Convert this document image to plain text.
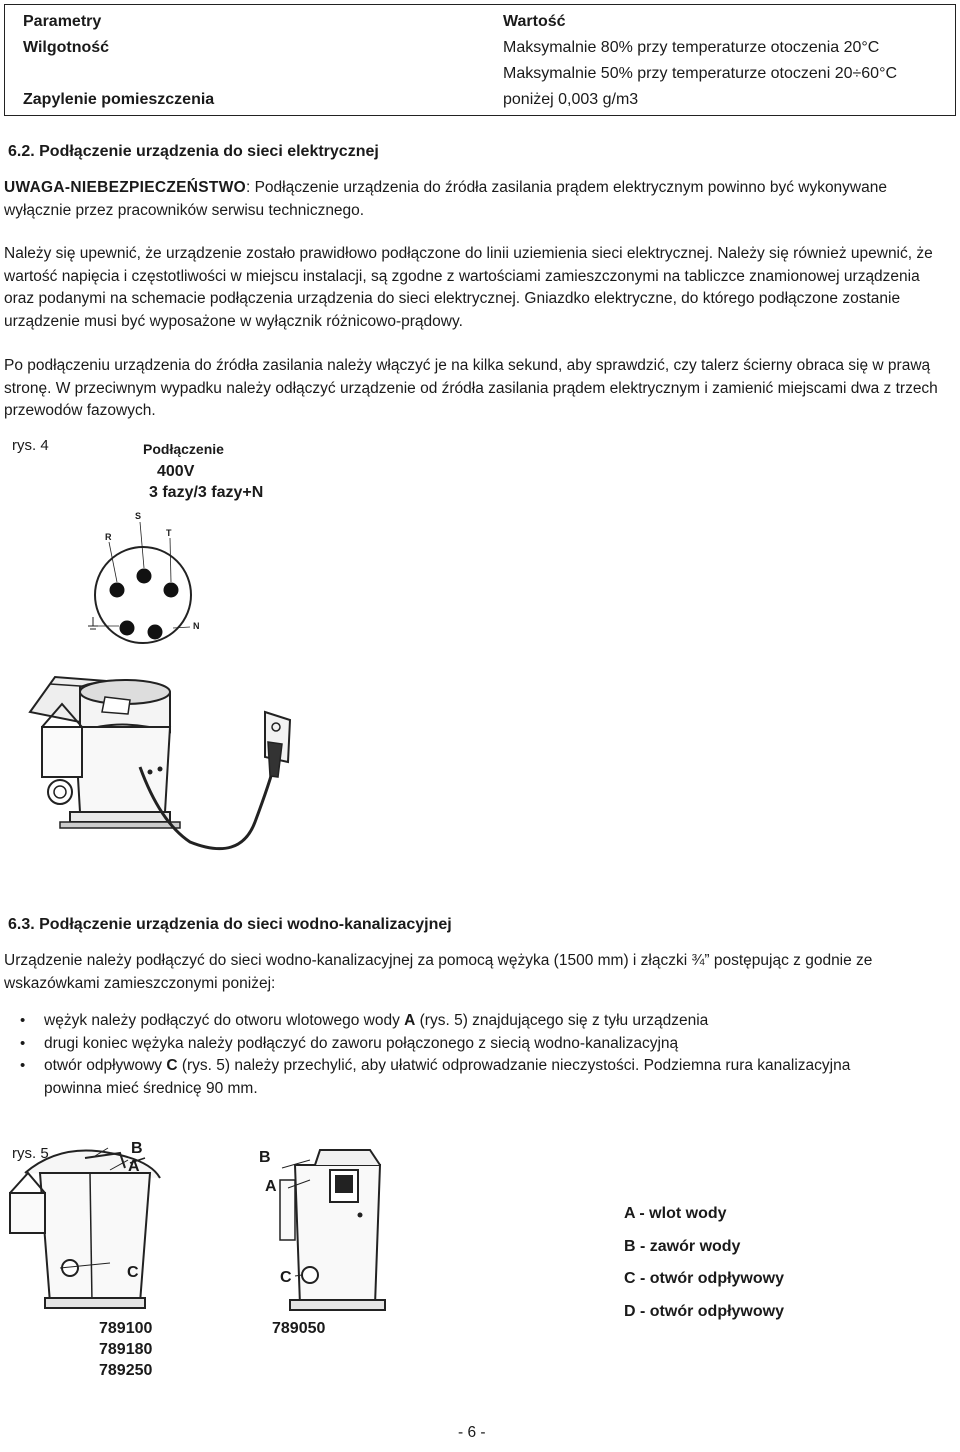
Parametry	Wartość
Wilgotność	Maksymalnie 80% przy temperaturze otoczenia 20°C
Maksymalnie 50% przy temperaturze otoczeni 20÷60°C
Zapylenie pomieszczenia	poniżej 0,003 g/m3
6.2. Podłączenie urządzenia do sieci elektrycznej
UWAGA-NIEBEZPIECZEŃSTWO: Podłączenie urządzenia do źródła zasilania prądem elektrycznym powinno być wykonywane wyłącznie przez pracowników serwisu technicznego.
Należy się upewnić, że urządzenie zostało prawidłowo podłączone do linii uziemienia sieci elektrycznej. Należy się również upewnić, że wartość napięcia i częstotliwości w miejscu instalacji, są zgodne z wartościami zamieszczonymi na tabliczce znamionowej urządzenia oraz podanymi na schemacie podłączenia urządzenia do sieci elektrycznej. Gniazdko elektryczne, do którego podłączone zostanie urządzenie musi być wyposażone w wyłącznik różnicowo-prądowy.
Po podłączeniu urządzenia do źródła zasilania należy włączyć je na kilka sekund, aby sprawdzić, czy talerz ścierny obraca się w prawą stronę. W przeciwnym wypadku należy odłączyć urządzenie od źródła zasilania prądem elektrycznym i zamienić miejscami dwa z trzech przewodów fazowych.
rys. 4	Podłączenie
400V
3 fazy/3 fazy+N
S
R	T
N
6.3. Podłączenie urządzenia do sieci wodno-kanalizacyjnej
Urządzenie należy podłączyć do sieci wodno-kanalizacyjnej za pomocą wężyka (1500 mm) i złączki ¾” postępując z godnie ze wskazówkami zamieszczonymi poniżej:
• wężyk należy podłączyć do otworu wlotowego wody A (rys. 5) znajdującego się z tyłu urządzenia
• drugi koniec wężyka należy podłączyć do zaworu połączonego z siecią wodno-kanalizacyjną
• otwór odpływowy C (rys. 5) należy przechylić, aby ułatwić odprowadzanie nieczystości. Podziemna rura kanalizacyjna powinna mieć średnicę 90 mm.
rys. 5	B
A
C
B
A
C
A - wlot wody
B - zawór wody
C - otwór odpływowy
D - otwór odpływowy
789100
789180
789250
789050
- 6 -
